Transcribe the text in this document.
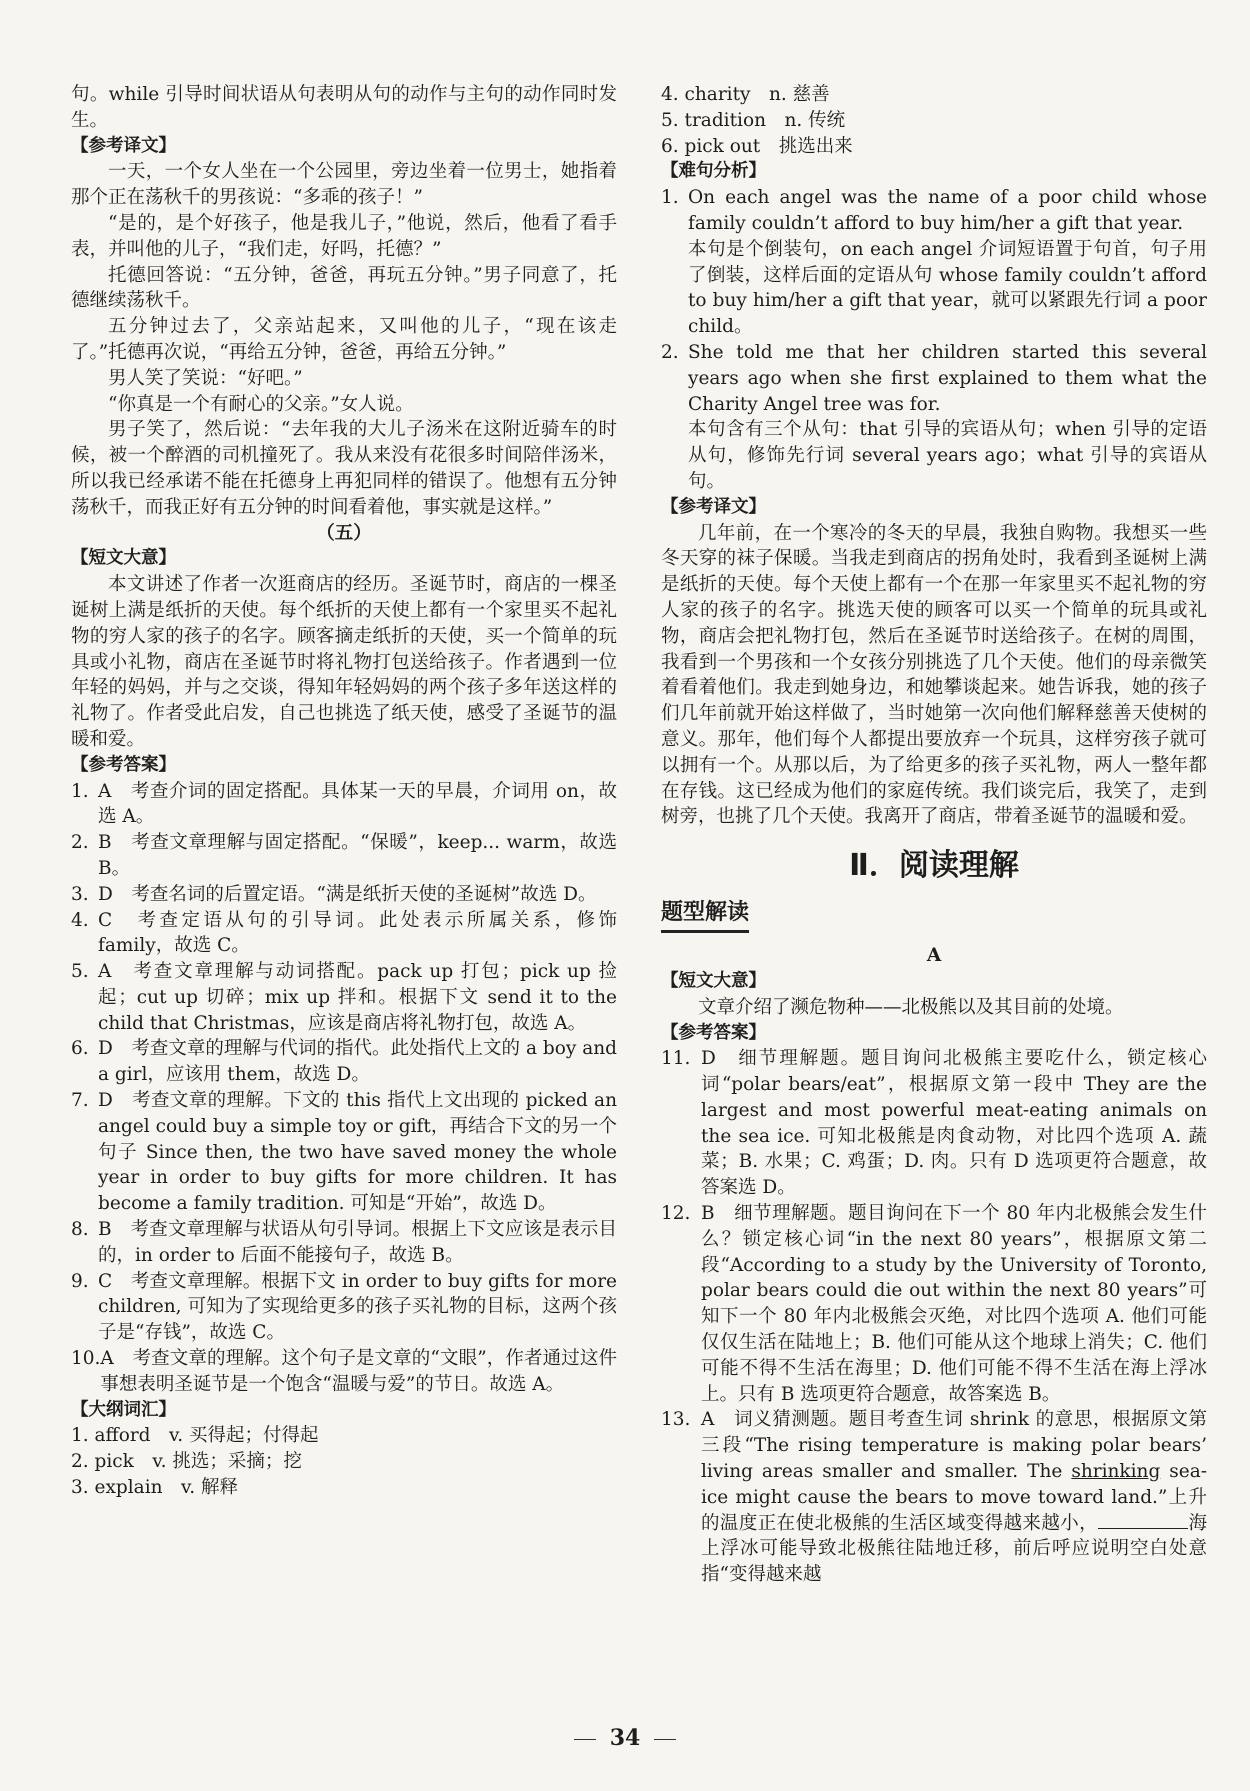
句。while 引导时间状语从句表明从句的动作与主句的动作同时发生。

【参考译文】

一天，一个女人坐在一个公园里，旁边坐着一位男士，她指着那个正在荡秋千的男孩说：“多乖的孩子！”

“是的，是个好孩子，他是我儿子，”他说，然后，他看了看手表，并叫他的儿子，“我们走，好吗，托德？”

托德回答说：“五分钟，爸爸，再玩五分钟。”男子同意了，托德继续荡秋千。

五分钟过去了，父亲站起来，又叫他的儿子，“现在该走了。”托德再次说，“再给五分钟，爸爸，再给五分钟。”

男人笑了笑说：“好吧。”

“你真是一个有耐心的父亲。”女人说。

男子笑了，然后说：“去年我的大儿子汤米在这附近骑车的时候，被一个醉酒的司机撞死了。我从来没有花很多时间陪伴汤米，所以我已经承诺不能在托德身上再犯同样的错误了。他想有五分钟荡秋千，而我正好有五分钟的时间看着他，事实就是这样。”

（五）

【短文大意】

本文讲述了作者一次逛商店的经历。圣诞节时，商店的一棵圣诞树上满是纸折的天使。每个纸折的天使上都有一个家里买不起礼物的穷人家的孩子的名字。顾客摘走纸折的天使，买一个简单的玩具或小礼物，商店在圣诞节时将礼物打包送给孩子。作者遇到一位年轻的妈妈，并与之交谈，得知年轻妈妈的两个孩子多年送这样的礼物了。作者受此启发，自己也挑选了纸天使，感受了圣诞节的温暖和爱。

【参考答案】

1. A　考查介词的固定搭配。具体某一天的早晨，介词用 on，故选 A。
2. B　考查文章理解与固定搭配。“保暖”，keep... warm，故选 B。
3. D　考查名词的后置定语。“满是纸折天使的圣诞树”故选 D。
4. C　考查定语从句的引导词。此处表示所属关系，修饰 family，故选 C。
5. A　考查文章理解与动词搭配。pack up 打包；pick up 捡起；cut up 切碎；mix up 拌和。根据下文 send it to the child that Christmas，应该是商店将礼物打包，故选 A。
6. D　考查文章的理解与代词的指代。此处指代上文的 a boy and a girl，应该用 them，故选 D。
7. D　考查文章的理解。下文的 this 指代上文出现的 picked an angel could buy a simple toy or gift，再结合下文的另一个句子 Since then, the two have saved money the whole year in order to buy gifts for more children. It has become a family tradition. 可知是“开始”，故选 D。
8. B　考查文章理解与状语从句引导词。根据上下文应该是表示目的，in order to 后面不能接句子，故选 B。
9. C　考查文章理解。根据下文 in order to buy gifts for more children, 可知为了实现给更多的孩子买礼物的目标，这两个孩子是“存钱”，故选 C。
10. A　考查文章的理解。这个句子是文章的“文眼”，作者通过这件事想表明圣诞节是一个饱含“温暖与爱”的节日。故选 A。

【大纲词汇】

1. afford　v. 买得起；付得起
2. pick　v. 挑选；采摘；挖
3. explain　v. 解释
4. charity　n. 慈善
5. tradition　n. 传统
6. pick out　挑选出来

【难句分析】

1. On each angel was the name of a poor child whose family couldn’t afford to buy him/her a gift that year.
本句是个倒装句，on each angel 介词短语置于句首，句子用了倒装，这样后面的定语从句 whose family couldn’t afford to buy him/her a gift that year，就可以紧跟先行词 a poor child。
2. She told me that her children started this several years ago when she first explained to them what the Charity Angel tree was for.
本句含有三个从句：that 引导的宾语从句；when 引导的定语从句，修饰先行词 several years ago；what 引导的宾语从句。

【参考译文】

几年前，在一个寒冷的冬天的早晨，我独自购物。我想买一些冬天穿的袜子保暖。当我走到商店的拐角处时，我看到圣诞树上满是纸折的天使。每个天使上都有一个在那一年家里买不起礼物的穷人家的孩子的名字。挑选天使的顾客可以买一个简单的玩具或礼物，商店会把礼物打包，然后在圣诞节时送给孩子。在树的周围，我看到一个男孩和一个女孩分别挑选了几个天使。他们的母亲微笑着看着他们。我走到她身边，和她攀谈起来。她告诉我，她的孩子们几年前就开始这样做了，当时她第一次向他们解释慈善天使树的意义。那年，他们每个人都提出要放弃一个玩具，这样穷孩子就可以拥有一个。从那以后，为了给更多的孩子买礼物，两人一整年都在存钱。这已经成为他们的家庭传统。我们谈完后，我笑了，走到树旁，也挑了几个天使。我离开了商店，带着圣诞节的温暖和爱。

Ⅱ．阅读理解
题型解读

A

【短文大意】

文章介绍了濒危物种——北极熊以及其目前的处境。

【参考答案】

11. D　细节理解题。题目询问北极熊主要吃什么，锁定核心词“polar bears/eat”，根据原文第一段中 They are the largest and most powerful meat-eating animals on the sea ice. 可知北极熊是肉食动物，对比四个选项 A. 蔬菜；B. 水果；C. 鸡蛋；D. 肉。只有 D 选项更符合题意，故答案选 D。
12. B　细节理解题。题目询问在下一个 80 年内北极熊会发生什么？锁定核心词“in the next 80 years”，根据原文第二段“According to a study by the University of Toronto, polar bears could die out within the next 80 years”可知下一个 80 年内北极熊会灭绝，对比四个选项 A. 他们可能仅仅生活在陆地上；B. 他们可能从这个地球上消失；C. 他们可能不得不生活在海里；D. 他们可能不得不生活在海上浮冰上。只有 B 选项更符合题意，故答案选 B。
13. A　词义猜测题。题目考查生词 shrink 的意思，根据原文第三段“The rising temperature is making polar bears’ living areas smaller and smaller. The shrinking sea-ice might cause the bears to move toward land.”上升的温度正在使北极熊的生活区域变得越来越小，	海上浮冰可能导致北极熊往陆地迁移，前后呼应说明空白处意指“变得越来越
34
